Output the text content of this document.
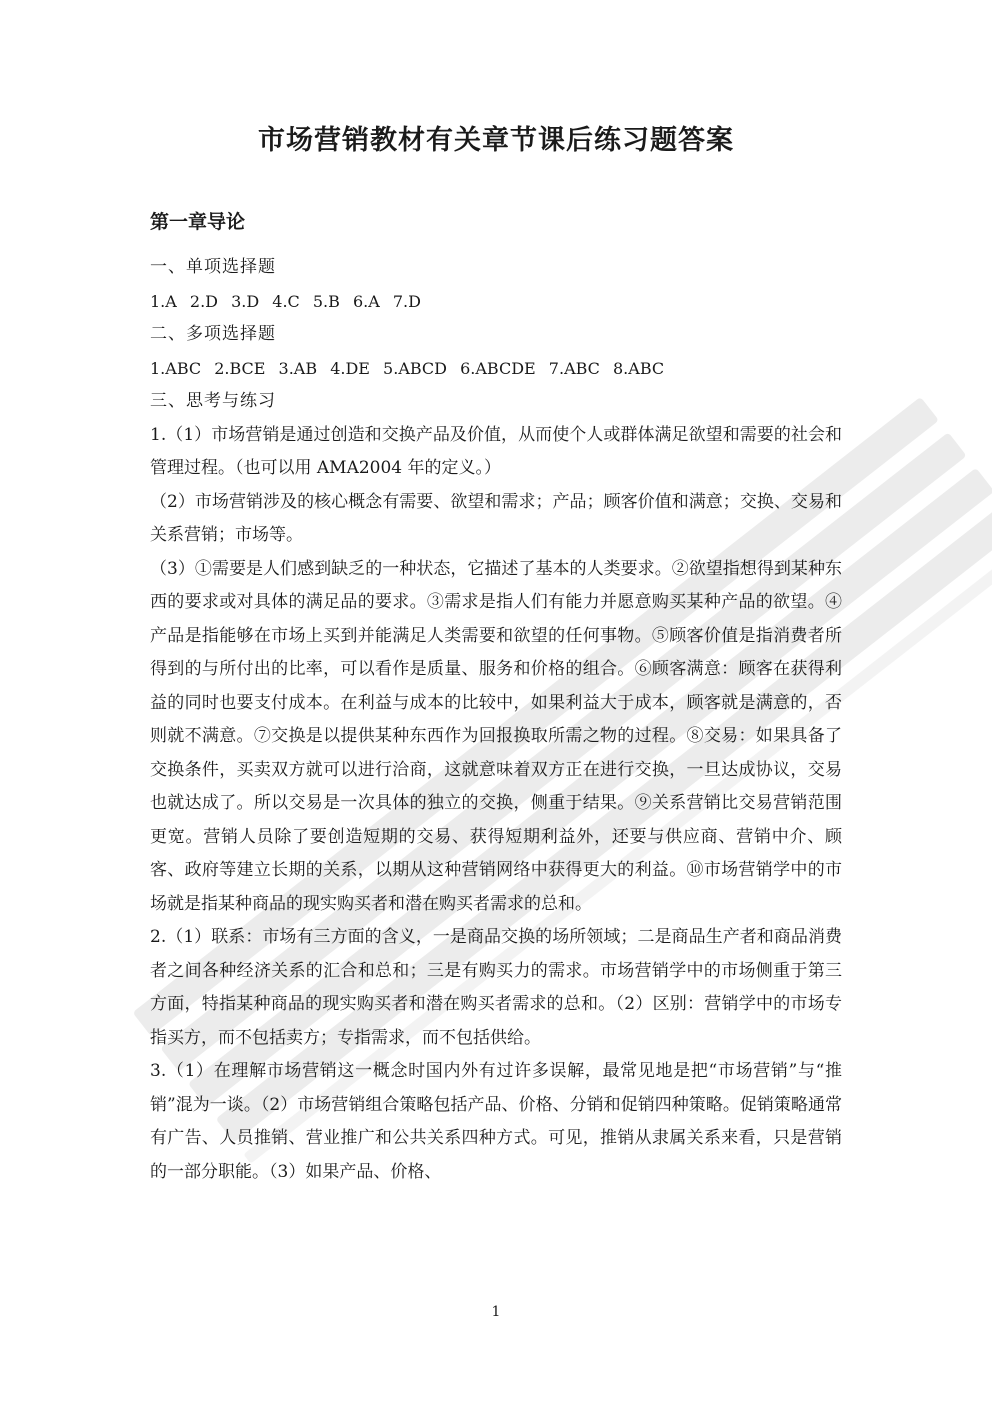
市场营销教材有关章节课后练习题答案
第一章导论
一、单项选择题
1.A 2.D 3.D 4.C 5.B 6.A 7.D
二、多项选择题
1.ABC 2.BCE 3.AB 4.DE 5.ABCD 6.ABCDE 7.ABC 8.ABC
三、思考与练习
1.（1）市场营销是通过创造和交换产品及价值，从而使个人或群体满足欲望和需要的社会和管理过程。（也可以用 AMA2004 年的定义。）
（2）市场营销涉及的核心概念有需要、欲望和需求；产品；顾客价值和满意；交换、交易和关系营销；市场等。
（3）①需要是人们感到缺乏的一种状态，它描述了基本的人类要求。②欲望指想得到某种东西的要求或对具体的满足品的要求。③需求是指人们有能力并愿意购买某种产品的欲望。④产品是指能够在市场上买到并能满足人类需要和欲望的任何事物。⑤顾客价值是指消费者所得到的与所付出的比率，可以看作是质量、服务和价格的组合。⑥顾客满意：顾客在获得利益的同时也要支付成本。在利益与成本的比较中，如果利益大于成本，顾客就是满意的，否则就不满意。⑦交换是以提供某种东西作为回报换取所需之物的过程。⑧交易：如果具备了交换条件，买卖双方就可以进行洽商，这就意味着双方正在进行交换，一旦达成协议，交易也就达成了。所以交易是一次具体的独立的交换，侧重于结果。⑨关系营销比交易营销范围更宽。营销人员除了要创造短期的交易、获得短期利益外，还要与供应商、营销中介、顾客、政府等建立长期的关系，以期从这种营销网络中获得更大的利益。⑩市场营销学中的市场就是指某种商品的现实购买者和潜在购买者需求的总和。
2.（1）联系：市场有三方面的含义，一是商品交换的场所领域；二是商品生产者和商品消费者之间各种经济关系的汇合和总和；三是有购买力的需求。市场营销学中的市场侧重于第三方面，特指某种商品的现实购买者和潜在购买者需求的总和。（2）区别：营销学中的市场专指买方，而不包括卖方；专指需求，而不包括供给。
3.（1）在理解市场营销这一概念时国内外有过许多误解，最常见地是把“市场营销”与“推销”混为一谈。（2）市场营销组合策略包括产品、价格、分销和促销四种策略。促销策略通常有广告、人员推销、营业推广和公共关系四种方式。可见，推销从隶属关系来看，只是营销的一部分职能。（3）如果产品、价格、
1
